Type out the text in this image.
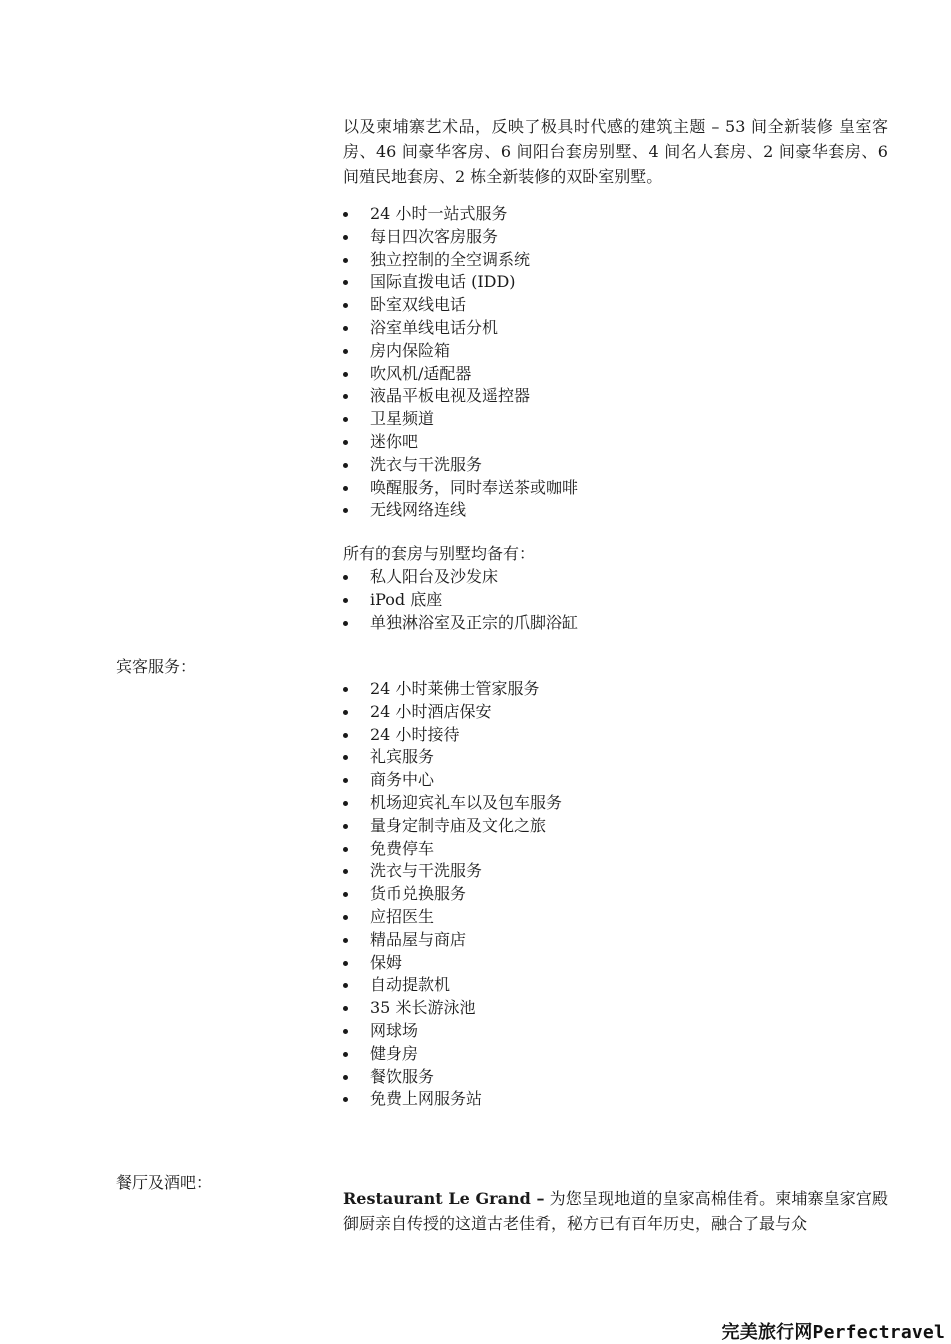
以及柬埔寨艺术品，反映了极具时代感的建筑主题 – 53 间全新装修 皇室客房、46 间豪华客房、6 间阳台套房别墅、4 间名人套房、2 间豪华套房、6 间殖民地套房、2 栋全新装修的双卧室别墅。

24 小时一站式服务
每日四次客房服务
独立控制的全空调系统
国际直拨电话 (IDD)
卧室双线电话
浴室单线电话分机
房内保险箱
吹风机/适配器
液晶平板电视及遥控器
卫星频道
迷你吧
洗衣与干洗服务
唤醒服务，同时奉送茶或咖啡
无线网络连线
所有的套房与别墅均备有：
私人阳台及沙发床
iPod 底座
单独淋浴室及正宗的爪脚浴缸
宾客服务：
24 小时莱佛士管家服务
24 小时酒店保安
24 小时接待
礼宾服务
商务中心
机场迎宾礼车以及包车服务
量身定制寺庙及文化之旅
免费停车
洗衣与干洗服务
货币兑换服务
应招医生
精品屋与商店
保姆
自动提款机
35 米长游泳池
网球场
健身房
餐饮服务
免费上网服务站
餐厅及酒吧：

Restaurant Le Grand – 为您呈现地道的皇家高棉佳肴。柬埔寨皇家宫殿御厨亲自传授的这道古老佳肴，秘方已有百年历史，融合了最与众

完美旅行网Perfectravel
